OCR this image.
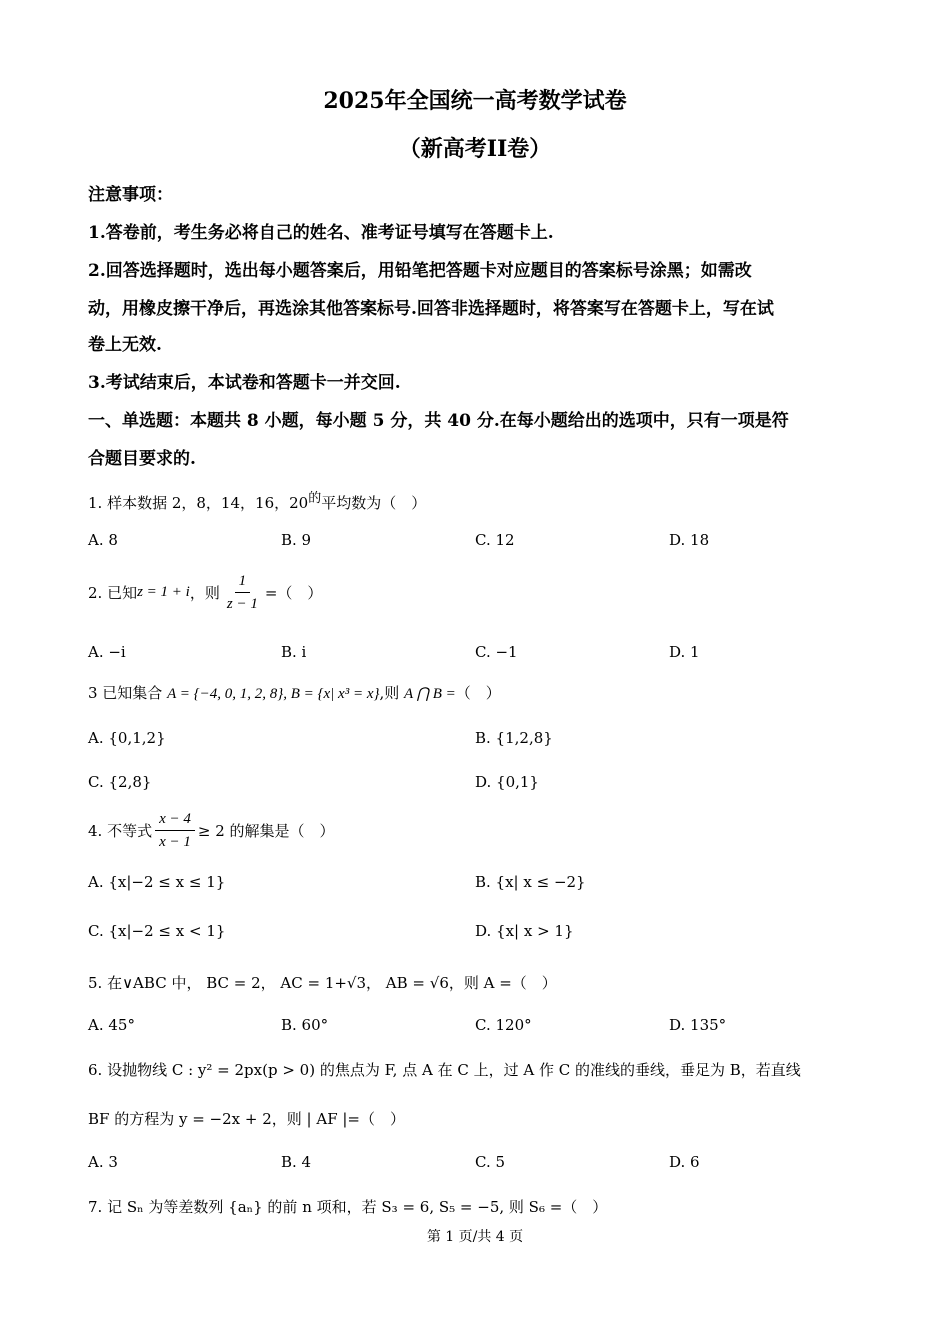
2025年全国统一高考数学试卷
（新高考II卷）
注意事项：
1.答卷前，考生务必将自己的姓名、准考证号填写在答题卡上.
2.回答选择题时，选出每小题答案后，用铅笔把答题卡对应题目的答案标号涂黑；如需改
动，用橡皮擦干净后，再选涂其他答案标号.回答非选择题时，将答案写在答题卡上，写在试
卷上无效.
3.考试结束后，本试卷和答题卡一并交回.
一、单选题：本题共 8 小题，每小题 5 分，共 40 分.在每小题给出的选项中，只有一项是符
合题目要求的.
1. 样本数据 2，8，14，16，$20^的$平均数为（　）
A. 8	B. 9	C. 12	D. 18
2. 已知 z = 1 + i ，则 $\frac{1}{z - 1}$ =（　）
A. −i	B. i	C. −1	D. 1
3 已知集合 A = {−4, 0, 1, 2, 8}, B = {x| x³ = x},则 A ⋂ B =（　）
A. {0,1,2}	B. {1,2,8}
C. {2,8}	D. {0,1}
4. 不等式 $\frac{x - 4}{x - 1} \ge 2$ 的解集是（　）
A. {x|−2 ≤ x ≤ 1}	B. {x| x ≤ −2}
C. {x|−2 ≤ x < 1}	D. {x| x > 1}
5. 在∨ABC 中， BC = 2， AC = 1+√3， AB = √6，则 A =（　）
A. 45°	B. 60°	C. 120°	D. 135°
6. 设抛物线 C : y² = 2px(p > 0) 的焦点为 F, 点 A 在 C 上，过 A 作 C 的准线的垂线，垂足为 B，若直线
BF 的方程为 y = −2x + 2，则 | AF |=（　）
A. 3	B. 4	C. 5	D. 6
7. 记 Sₙ 为等差数列 {aₙ} 的前 n 项和，若 S₃ = 6, S₅ = −5, 则 S₆ =（　）
第 1 页/共 4 页
